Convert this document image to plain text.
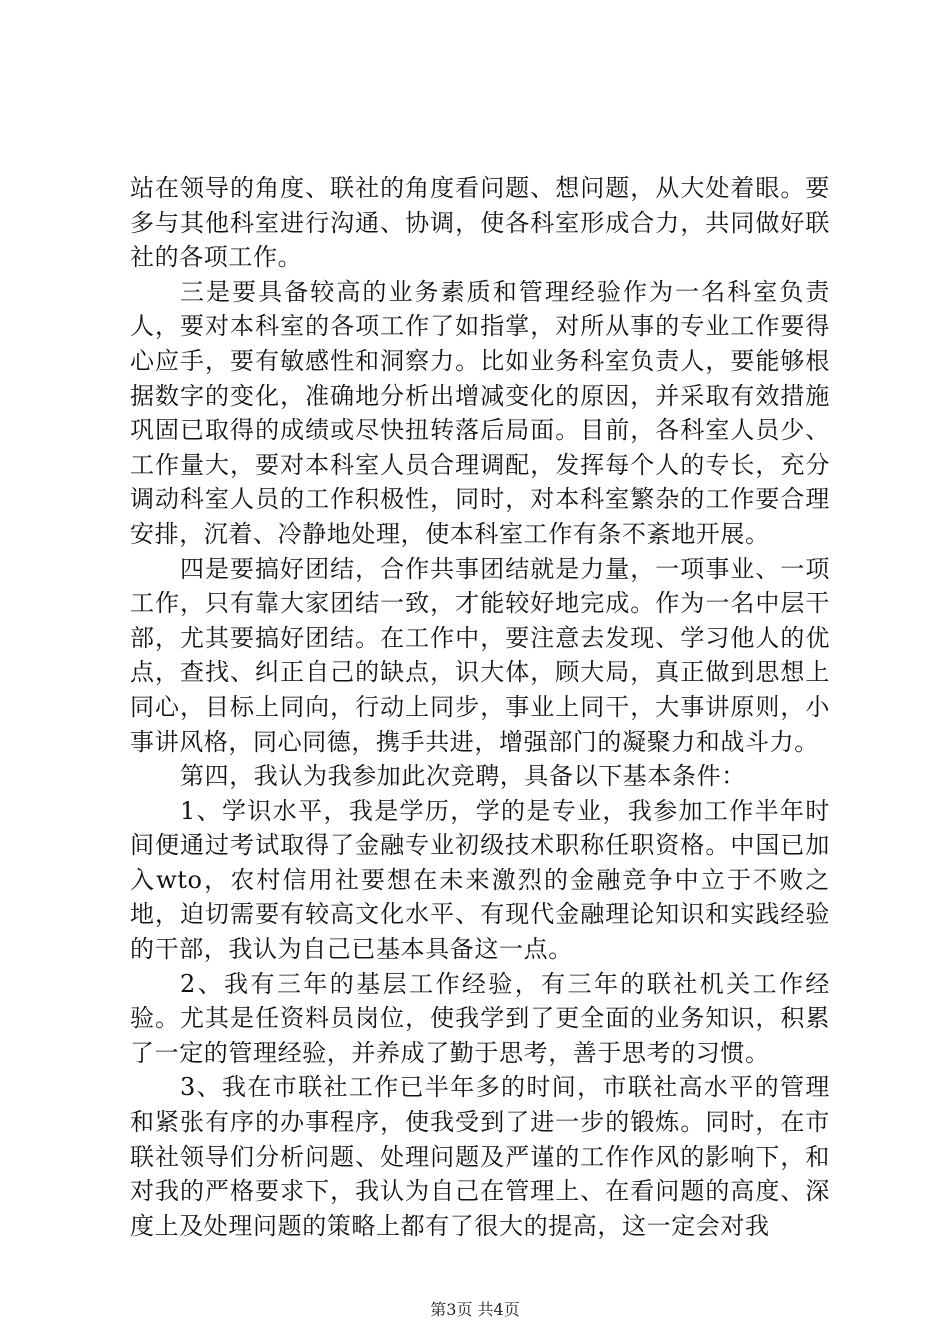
站在领导的角度、联社的角度看问题、想问题，从大处着眼。要多与其他科室进行沟通、协调，使各科室形成合力，共同做好联社的各项工作。

三是要具备较高的业务素质和管理经验作为一名科室负责人，要对本科室的各项工作了如指掌，对所从事的专业工作要得心应手，要有敏感性和洞察力。比如业务科室负责人，要能够根据数字的变化，准确地分析出增减变化的原因，并采取有效措施巩固已取得的成绩或尽快扭转落后局面。目前，各科室人员少、工作量大，要对本科室人员合理调配，发挥每个人的专长，充分调动科室人员的工作积极性，同时，对本科室繁杂的工作要合理安排，沉着、冷静地处理，使本科室工作有条不紊地开展。

四是要搞好团结，合作共事团结就是力量，一项事业、一项工作，只有靠大家团结一致，才能较好地完成。作为一名中层干部，尤其要搞好团结。在工作中，要注意去发现、学习他人的优点，查找、纠正自己的缺点，识大体，顾大局，真正做到思想上同心，目标上同向，行动上同步，事业上同干，大事讲原则，小事讲风格，同心同德，携手共进，增强部门的凝聚力和战斗力。

第四，我认为我参加此次竞聘，具备以下基本条件：

1、学识水平，我是学历，学的是专业，我参加工作半年时间便通过考试取得了金融专业初级技术职称任职资格。中国已加入wto，农村信用社要想在未来激烈的金融竞争中立于不败之地，迫切需要有较高文化水平、有现代金融理论知识和实践经验的干部，我认为自己已基本具备这一点。

2、我有三年的基层工作经验，有三年的联社机关工作经验。尤其是任资料员岗位，使我学到了更全面的业务知识，积累了一定的管理经验，并养成了勤于思考，善于思考的习惯。

3、我在市联社工作已半年多的时间，市联社高水平的管理和紧张有序的办事程序，使我受到了进一步的锻炼。同时，在市联社领导们分析问题、处理问题及严谨的工作作风的影响下，和对我的严格要求下，我认为自己在管理上、在看问题的高度、深度上及处理问题的策略上都有了很大的提高，这一定会对我

第3页 共4页
